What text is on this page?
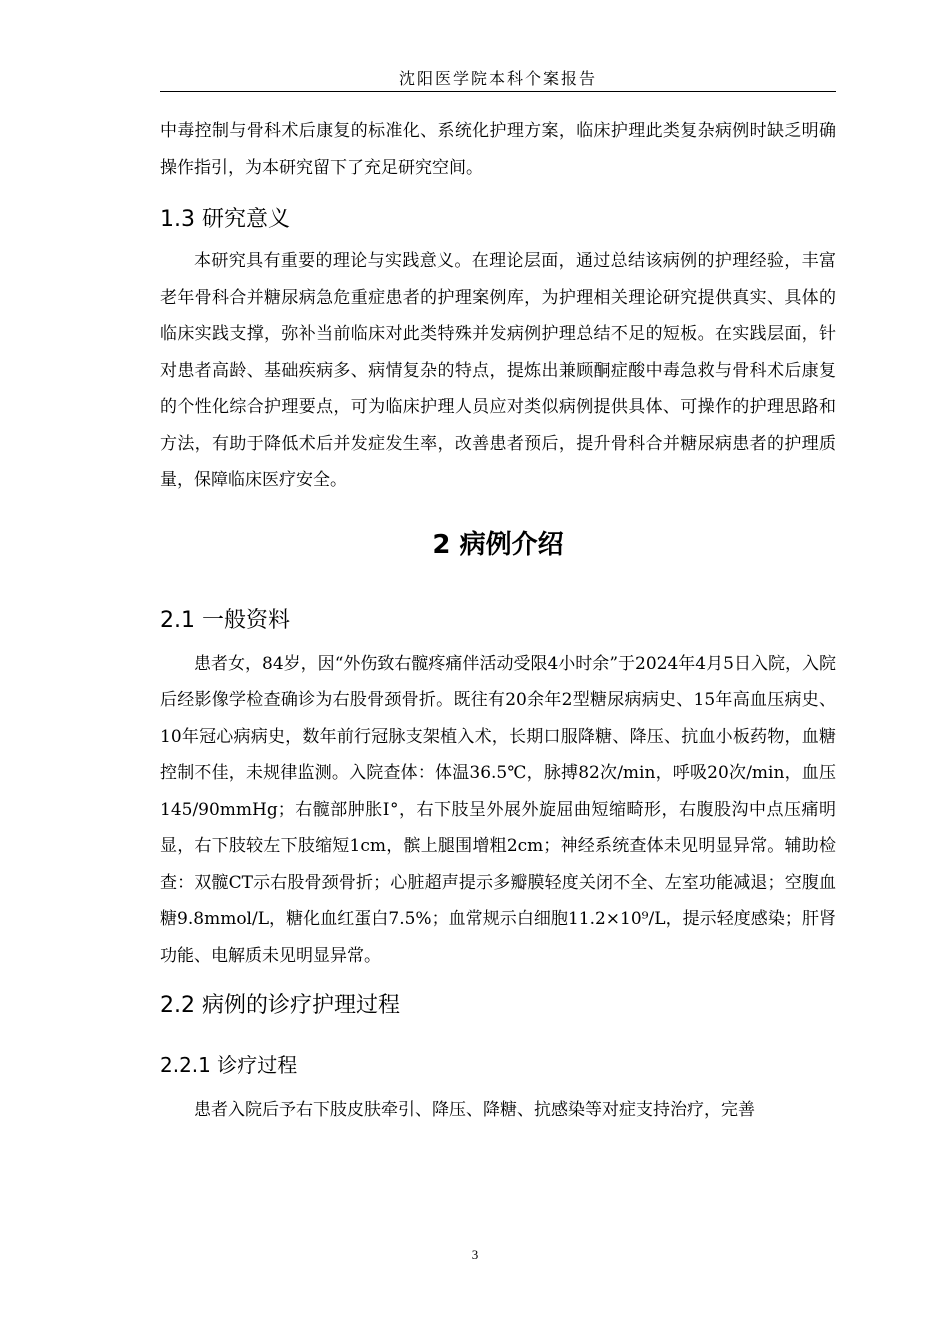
沈阳医学院本科个案报告

中毒控制与骨科术后康复的标准化、系统化护理方案，临床护理此类复杂病例时缺乏明确操作指引，为本研究留下了充足研究空间。

1.3 研究意义

本研究具有重要的理论与实践意义。在理论层面，通过总结该病例的护理经验，丰富老年骨科合并糖尿病急危重症患者的护理案例库，为护理相关理论研究提供真实、具体的临床实践支撑，弥补当前临床对此类特殊并发病例护理总结不足的短板。在实践层面，针对患者高龄、基础疾病多、病情复杂的特点，提炼出兼顾酮症酸中毒急救与骨科术后康复的个性化综合护理要点，可为临床护理人员应对类似病例提供具体、可操作的护理思路和方法，有助于降低术后并发症发生率，改善患者预后，提升骨科合并糖尿病患者的护理质量，保障临床医疗安全。

2 病例介绍
2.1 一般资料

患者女，84岁，因“外伤致右髋疼痛伴活动受限4小时余”于2024年4月5日入院，入院后经影像学检查确诊为右股骨颈骨折。既往有20余年2型糖尿病病史、15年高血压病史、10年冠心病病史，数年前行冠脉支架植入术，长期口服降糖、降压、抗血小板药物，血糖控制不佳，未规律监测。入院查体：体温36.5℃，脉搏82次/min，呼吸20次/min，血压145/90mmHg；右髋部肿胀Ⅰ°，右下肢呈外展外旋屈曲短缩畸形，右腹股沟中点压痛明显，右下肢较左下肢缩短1cm，髌上腿围增粗2cm；神经系统查体未见明显异常。辅助检查：双髋CT示右股骨颈骨折；心脏超声提示多瓣膜轻度关闭不全、左室功能减退；空腹血糖9.8mmol/L，糖化血红蛋白7.5%；血常规示白细胞11.2×10⁹/L，提示轻度感染；肝肾功能、电解质未见明显异常。

2.2 病例的诊疗护理过程
2.2.1 诊疗过程

患者入院后予右下肢皮肤牵引、降压、降糖、抗感染等对症支持治疗，完善

3
